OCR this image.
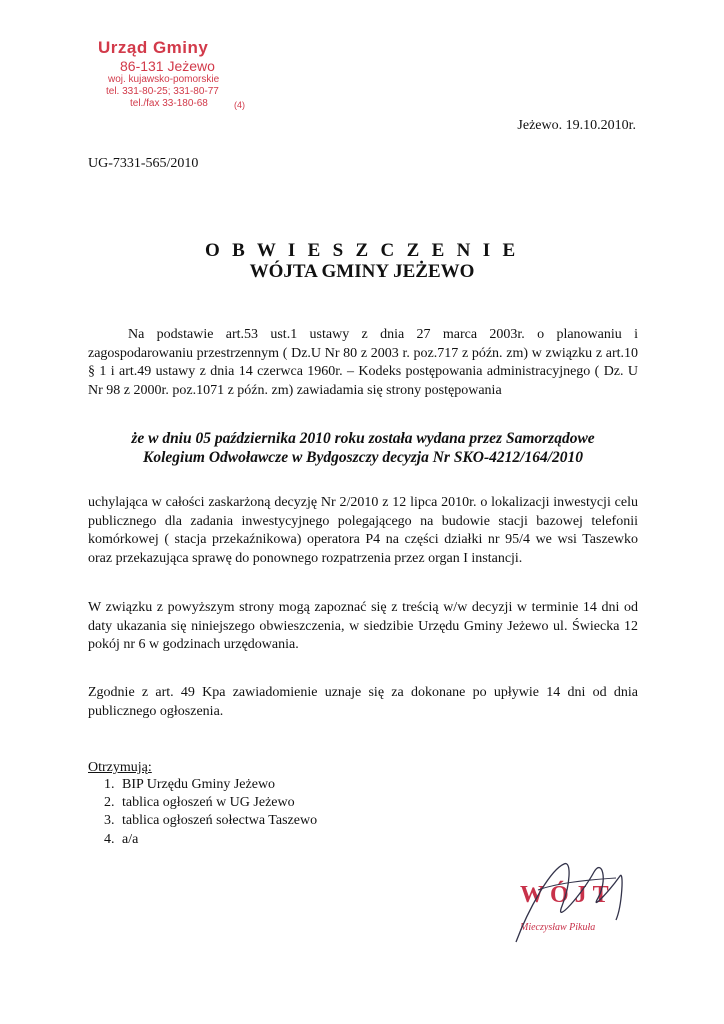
Urząd Gminy
86-131 Jeżewo
woj. kujawsko-pomorskie
tel. 331-80-25; 331-80-77
tel./fax 33-180-68	(4)
Jeżewo. 19.10.2010r.
UG-7331-565/2010
O B W I E S Z C Z E N I E
WÓJTA GMINY JEŻEWO
Na podstawie art.53 ust.1 ustawy z dnia 27 marca 2003r. o planowaniu i zagospodarowaniu przestrzennym ( Dz.U Nr 80 z 2003 r. poz.717 z późn. zm) w związku z art.10 § 1 i art.49 ustawy z dnia 14 czerwca 1960r. – Kodeks postępowania administracyjnego ( Dz. U Nr 98 z 2000r. poz.1071 z późn. zm) zawiadamia się strony postępowania
że w dniu 05 października 2010 roku została wydana przez Samorządowe
Kolegium Odwoławcze w Bydgoszczy decyzja Nr SKO-4212/164/2010
uchylająca w całości zaskarżoną decyzję Nr 2/2010 z 12 lipca 2010r. o lokalizacji inwestycji celu publicznego dla zadania inwestycyjnego polegającego na budowie stacji bazowej telefonii komórkowej ( stacja przekaźnikowa) operatora P4 na części działki nr 95/4 we wsi Taszewko oraz przekazująca sprawę do ponownego rozpatrzenia przez organ I instancji.
W związku z powyższym strony mogą zapoznać się z treścią w/w decyzji w terminie 14 dni od daty ukazania się niniejszego obwieszczenia, w siedzibie Urzędu Gminy Jeżewo ul. Świecka 12 pokój nr 6 w godzinach urzędowania.
Zgodnie z art. 49 Kpa zawiadomienie uznaje się za dokonane po upływie 14 dni od dnia publicznego ogłoszenia.
Otrzymują:
1. BIP Urzędu Gminy Jeżewo
2. tablica ogłoszeń w UG Jeżewo
3. tablica ogłoszeń sołectwa Taszewo
4. a/a
WÓJT
Mieczysław Pikuła
